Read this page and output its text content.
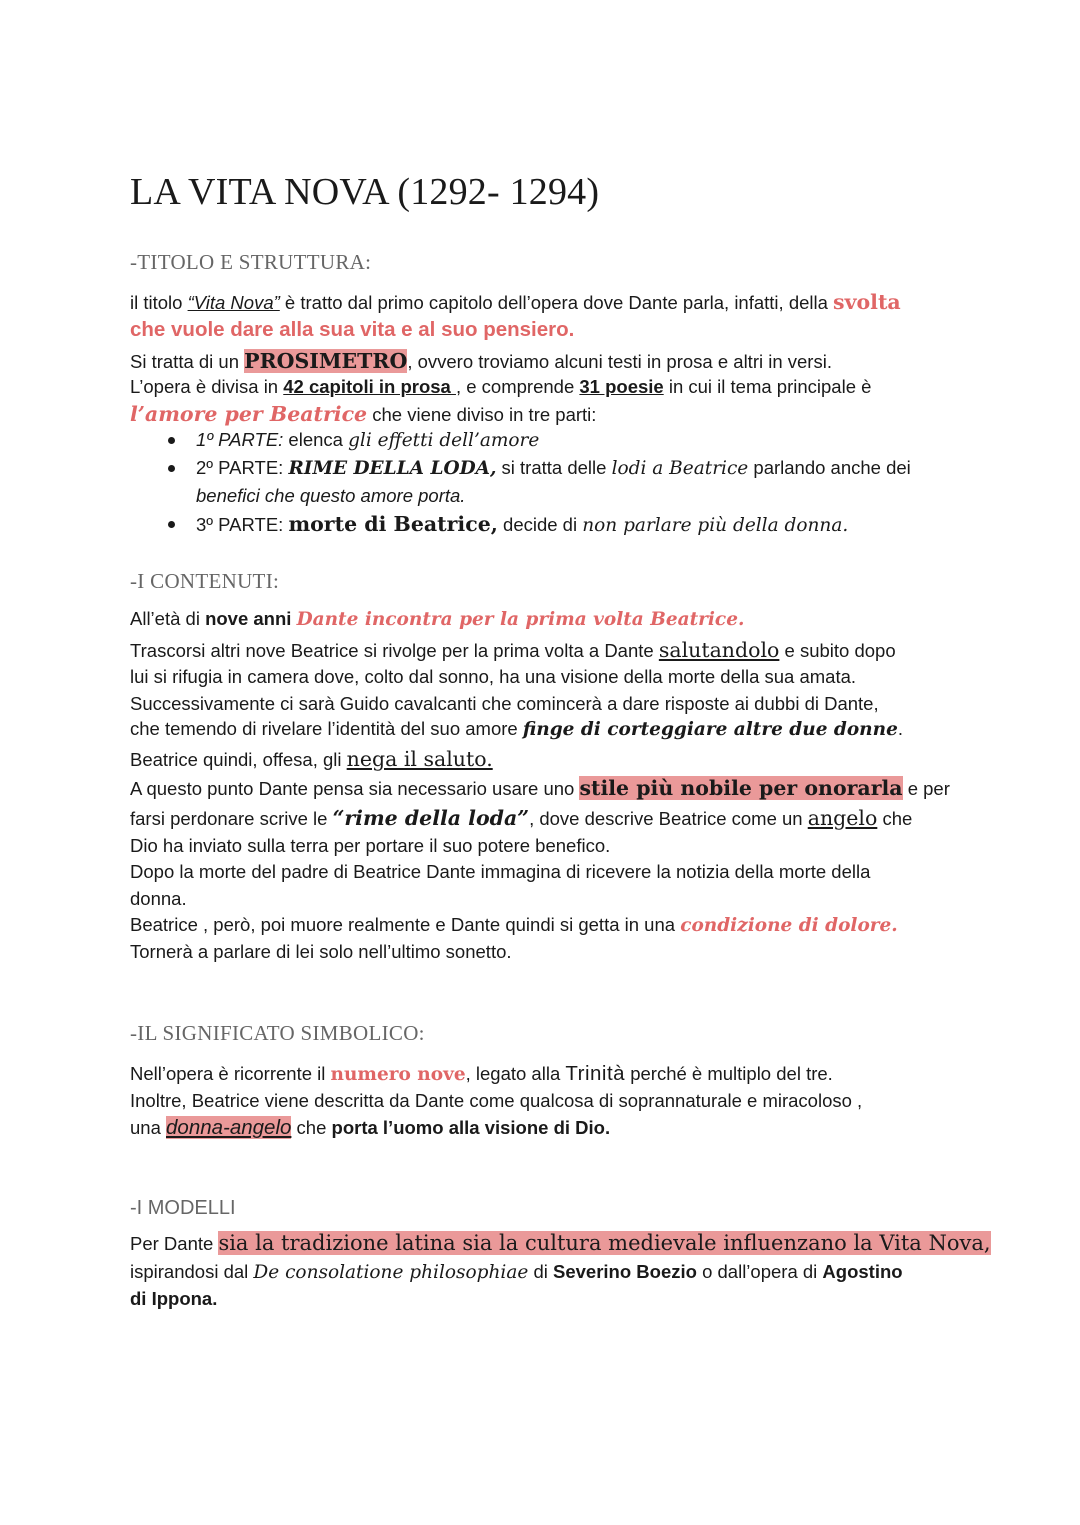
LA VITA NOVA (1292- 1294)
-TITOLO E STRUTTURA:

il titolo “Vita Nova” è tratto dal primo capitolo dell’opera dove Dante parla, infatti, della svolta

che vuole dare alla sua vita e al suo pensiero.

Si tratta di un PROSIMETRO, ovvero troviamo alcuni testi in prosa e altri in versi.

L’opera è divisa in 42 capitoli in prosa , e comprende 31 poesie in cui il tema principale è

l’amore per Beatrice che viene diviso in tre parti:

1º PARTE: elenca gli effetti dell’amore

2º PARTE: RIME DELLA LODA, si tratta delle lodi a Beatrice parlando anche dei

benefici che questo amore porta.

3º PARTE: morte di Beatrice, decide di non parlare più della donna.

-I CONTENUTI:

All’età di nove anni Dante incontra per la prima volta Beatrice.

Trascorsi altri nove Beatrice si rivolge per la prima volta a Dante salutandolo e subito dopo

lui si rifugia in camera dove, colto dal sonno, ha una visione della morte della sua amata.

Successivamente ci sarà Guido cavalcanti che comincerà a dare risposte ai dubbi di Dante,

che temendo di rivelare l’identità del suo amore finge di corteggiare altre due donne.

Beatrice quindi, offesa, gli nega il saluto.

A questo punto Dante pensa sia necessario usare uno stile più nobile per onorarla e per

farsi perdonare scrive le “rime della loda”, dove descrive Beatrice come un angelo che

Dio ha inviato sulla terra per portare il suo potere benefico.

Dopo la morte del padre di Beatrice Dante immagina di ricevere la notizia della morte della

donna.

Beatrice , però, poi muore realmente e Dante quindi si getta in una condizione di dolore.

Tornerà a parlare di lei solo nell’ultimo sonetto.

-IL SIGNIFICATO SIMBOLICO:

Nell’opera è ricorrente il numero nove, legato alla Trinità perché è multiplo del tre.

Inoltre, Beatrice viene descritta da Dante come qualcosa di soprannaturale e miracoloso ,

una donna-angelo che porta l’uomo alla visione di Dio.

-I MODELLI

Per Dante sia la tradizione latina sia la cultura medievale influenzano la Vita Nova,

ispirandosi dal De consolatione philosophiae di Severino Boezio o dall’opera di Agostino

di Ippona.
